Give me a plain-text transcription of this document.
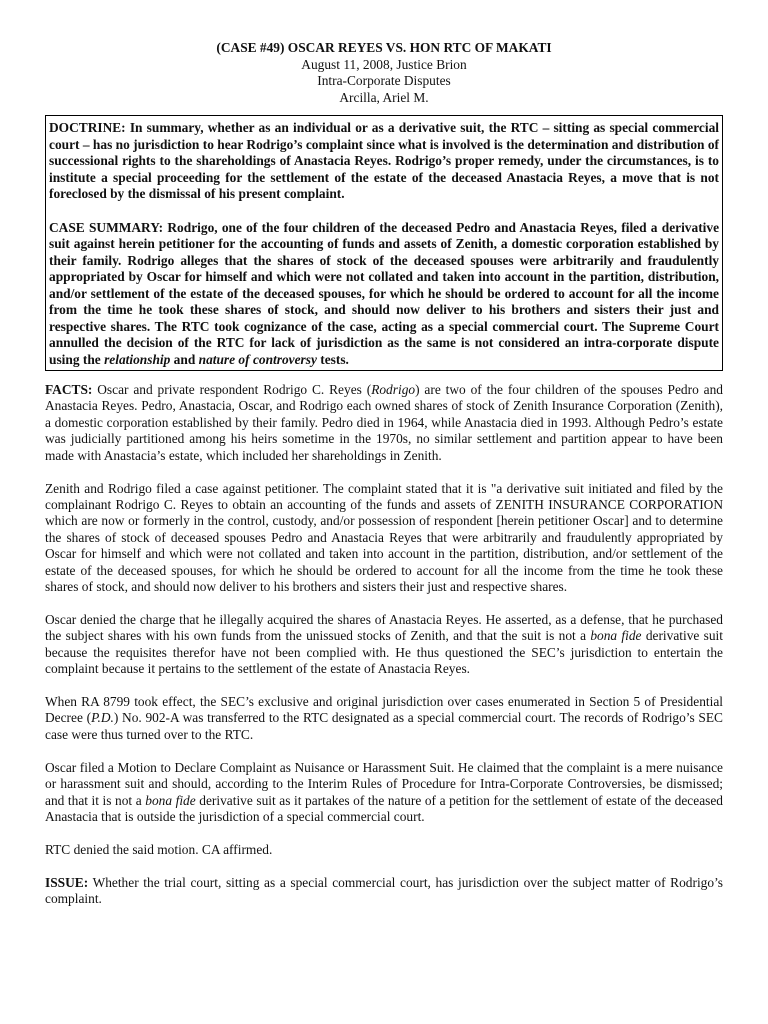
(CASE #49) OSCAR REYES VS. HON RTC OF MAKATI
August 11, 2008, Justice Brion
Intra-Corporate Disputes
Arcilla, Ariel M.

DOCTRINE: In summary, whether as an individual or as a derivative suit, the RTC – sitting as special commercial court – has no jurisdiction to hear Rodrigo’s complaint since what is involved is the determination and distribution of successional rights to the shareholdings of Anastacia Reyes. Rodrigo’s proper remedy, under the circumstances, is to institute a special proceeding for the settlement of the estate of the deceased Anastacia Reyes, a move that is not foreclosed by the dismissal of his present complaint.

CASE SUMMARY: Rodrigo, one of the four children of the deceased Pedro and Anastacia Reyes, filed a derivative suit against herein petitioner for the accounting of funds and assets of Zenith, a domestic corporation established by their family. Rodrigo alleges that the shares of stock of the deceased spouses were arbitrarily and fraudulently appropriated by Oscar for himself and which were not collated and taken into account in the partition, distribution, and/or settlement of the estate of the deceased spouses, for which he should be ordered to account for all the income from the time he took these shares of stock, and should now deliver to his brothers and sisters their just and respective shares. The RTC took cognizance of the case, acting as a special commercial court. The Supreme Court annulled the decision of the RTC for lack of jurisdiction as the same is not considered an intra-corporate dispute using the relationship and nature of controversy tests.

FACTS: Oscar and private respondent Rodrigo C. Reyes (Rodrigo) are two of the four children of the spouses Pedro and Anastacia Reyes. Pedro, Anastacia, Oscar, and Rodrigo each owned shares of stock of Zenith Insurance Corporation (Zenith), a domestic corporation established by their family. Pedro died in 1964, while Anastacia died in 1993. Although Pedro’s estate was judicially partitioned among his heirs sometime in the 1970s, no similar settlement and partition appear to have been made with Anastacia’s estate, which included her shareholdings in Zenith.

Zenith and Rodrigo filed a case against petitioner. The complaint stated that it is "a derivative suit initiated and filed by the complainant Rodrigo C. Reyes to obtain an accounting of the funds and assets of ZENITH INSURANCE CORPORATION which are now or formerly in the control, custody, and/or possession of respondent [herein petitioner Oscar] and to determine the shares of stock of deceased spouses Pedro and Anastacia Reyes that were arbitrarily and fraudulently appropriated by Oscar for himself and which were not collated and taken into account in the partition, distribution, and/or settlement of the estate of the deceased spouses, for which he should be ordered to account for all the income from the time he took these shares of stock, and should now deliver to his brothers and sisters their just and respective shares.

Oscar denied the charge that he illegally acquired the shares of Anastacia Reyes. He asserted, as a defense, that he purchased the subject shares with his own funds from the unissued stocks of Zenith, and that the suit is not a bona fide derivative suit because the requisites therefor have not been complied with. He thus questioned the SEC’s jurisdiction to entertain the complaint because it pertains to the settlement of the estate of Anastacia Reyes.

When RA 8799 took effect, the SEC’s exclusive and original jurisdiction over cases enumerated in Section 5 of Presidential Decree (P.D.) No. 902-A was transferred to the RTC designated as a special commercial court. The records of Rodrigo’s SEC case were thus turned over to the RTC.

Oscar filed a Motion to Declare Complaint as Nuisance or Harassment Suit. He claimed that the complaint is a mere nuisance or harassment suit and should, according to the Interim Rules of Procedure for Intra-Corporate Controversies, be dismissed; and that it is not a bona fide derivative suit as it partakes of the nature of a petition for the settlement of estate of the deceased Anastacia that is outside the jurisdiction of a special commercial court.

RTC denied the said motion. CA affirmed.

ISSUE: Whether the trial court, sitting as a special commercial court, has jurisdiction over the subject matter of Rodrigo’s complaint.
